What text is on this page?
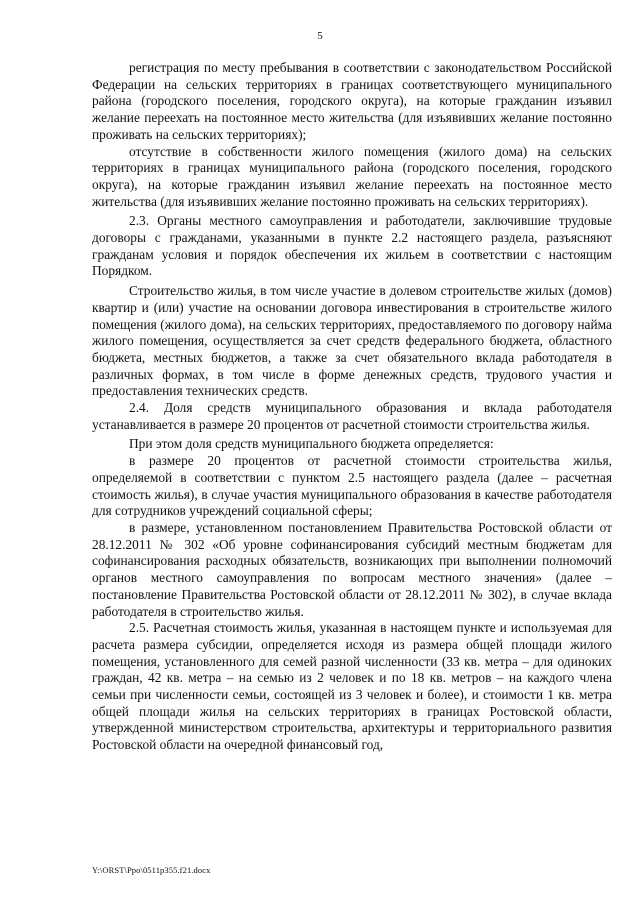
5

регистрация по месту пребывания в соответствии с законодательством Российской Федерации на сельских территориях в границах соответствующего муниципального района (городского поселения, городского округа), на которые гражданин изъявил желание переехать на постоянное место жительства (для изъявивших желание постоянно проживать на сельских территориях);

отсутствие в собственности жилого помещения (жилого дома) на сельских территориях в границах муниципального района (городского поселения, городского округа), на которые гражданин изъявил желание переехать на постоянное место жительства (для изъявивших желание постоянно проживать на сельских территориях).

2.3. Органы местного самоуправления и работодатели, заключившие трудовые договоры с гражданами, указанными в пункте 2.2 настоящего раздела, разъясняют гражданам условия и порядок обеспечения их жильем в соответствии с настоящим Порядком.

Строительство жилья, в том числе участие в долевом строительстве жилых (домов) квартир и (или) участие на основании договора инвестирования в строительстве жилого помещения (жилого дома), на сельских территориях, предоставляемого по договору найма жилого помещения, осуществляется за счет средств федерального бюджета, областного бюджета, местных бюджетов, а также за счет обязательного вклада работодателя в различных формах, в том числе в форме денежных средств, трудового участия и предоставления технических средств.

2.4. Доля средств муниципального образования и вклада работодателя устанавливается в размере 20 процентов от расчетной стоимости строительства жилья.

При этом доля средств муниципального бюджета определяется:

в размере 20 процентов от расчетной стоимости строительства жилья, определяемой в соответствии с пунктом 2.5 настоящего раздела (далее – расчетная стоимость жилья), в случае участия муниципального образования в качестве работодателя для сотрудников учреждений социальной сферы;

в размере, установленном постановлением Правительства Ростовской области от 28.12.2011 № 302 «Об уровне софинансирования субсидий местным бюджетам для софинансирования расходных обязательств, возникающих при выполнении полномочий органов местного самоуправления по вопросам местного значения» (далее – постановление Правительства Ростовской области от 28.12.2011 № 302), в случае вклада работодателя в строительство жилья.

2.5. Расчетная стоимость жилья, указанная в настоящем пункте и используемая для расчета размера субсидии, определяется исходя из размера общей площади жилого помещения, установленного для семей разной численности (33 кв. метра – для одиноких граждан, 42 кв. метра – на семью из 2 человек и по 18 кв. метров – на каждого члена семьи при численности семьи, состоящей из 3 человек и более), и стоимости 1 кв. метра общей площади жилья на сельских территориях в границах Ростовской области, утвержденной министерством строительства, архитектуры и территориального развития Ростовской области на очередной финансовый год,

Y:\ORST\Ppo\0511p355.f21.docx
